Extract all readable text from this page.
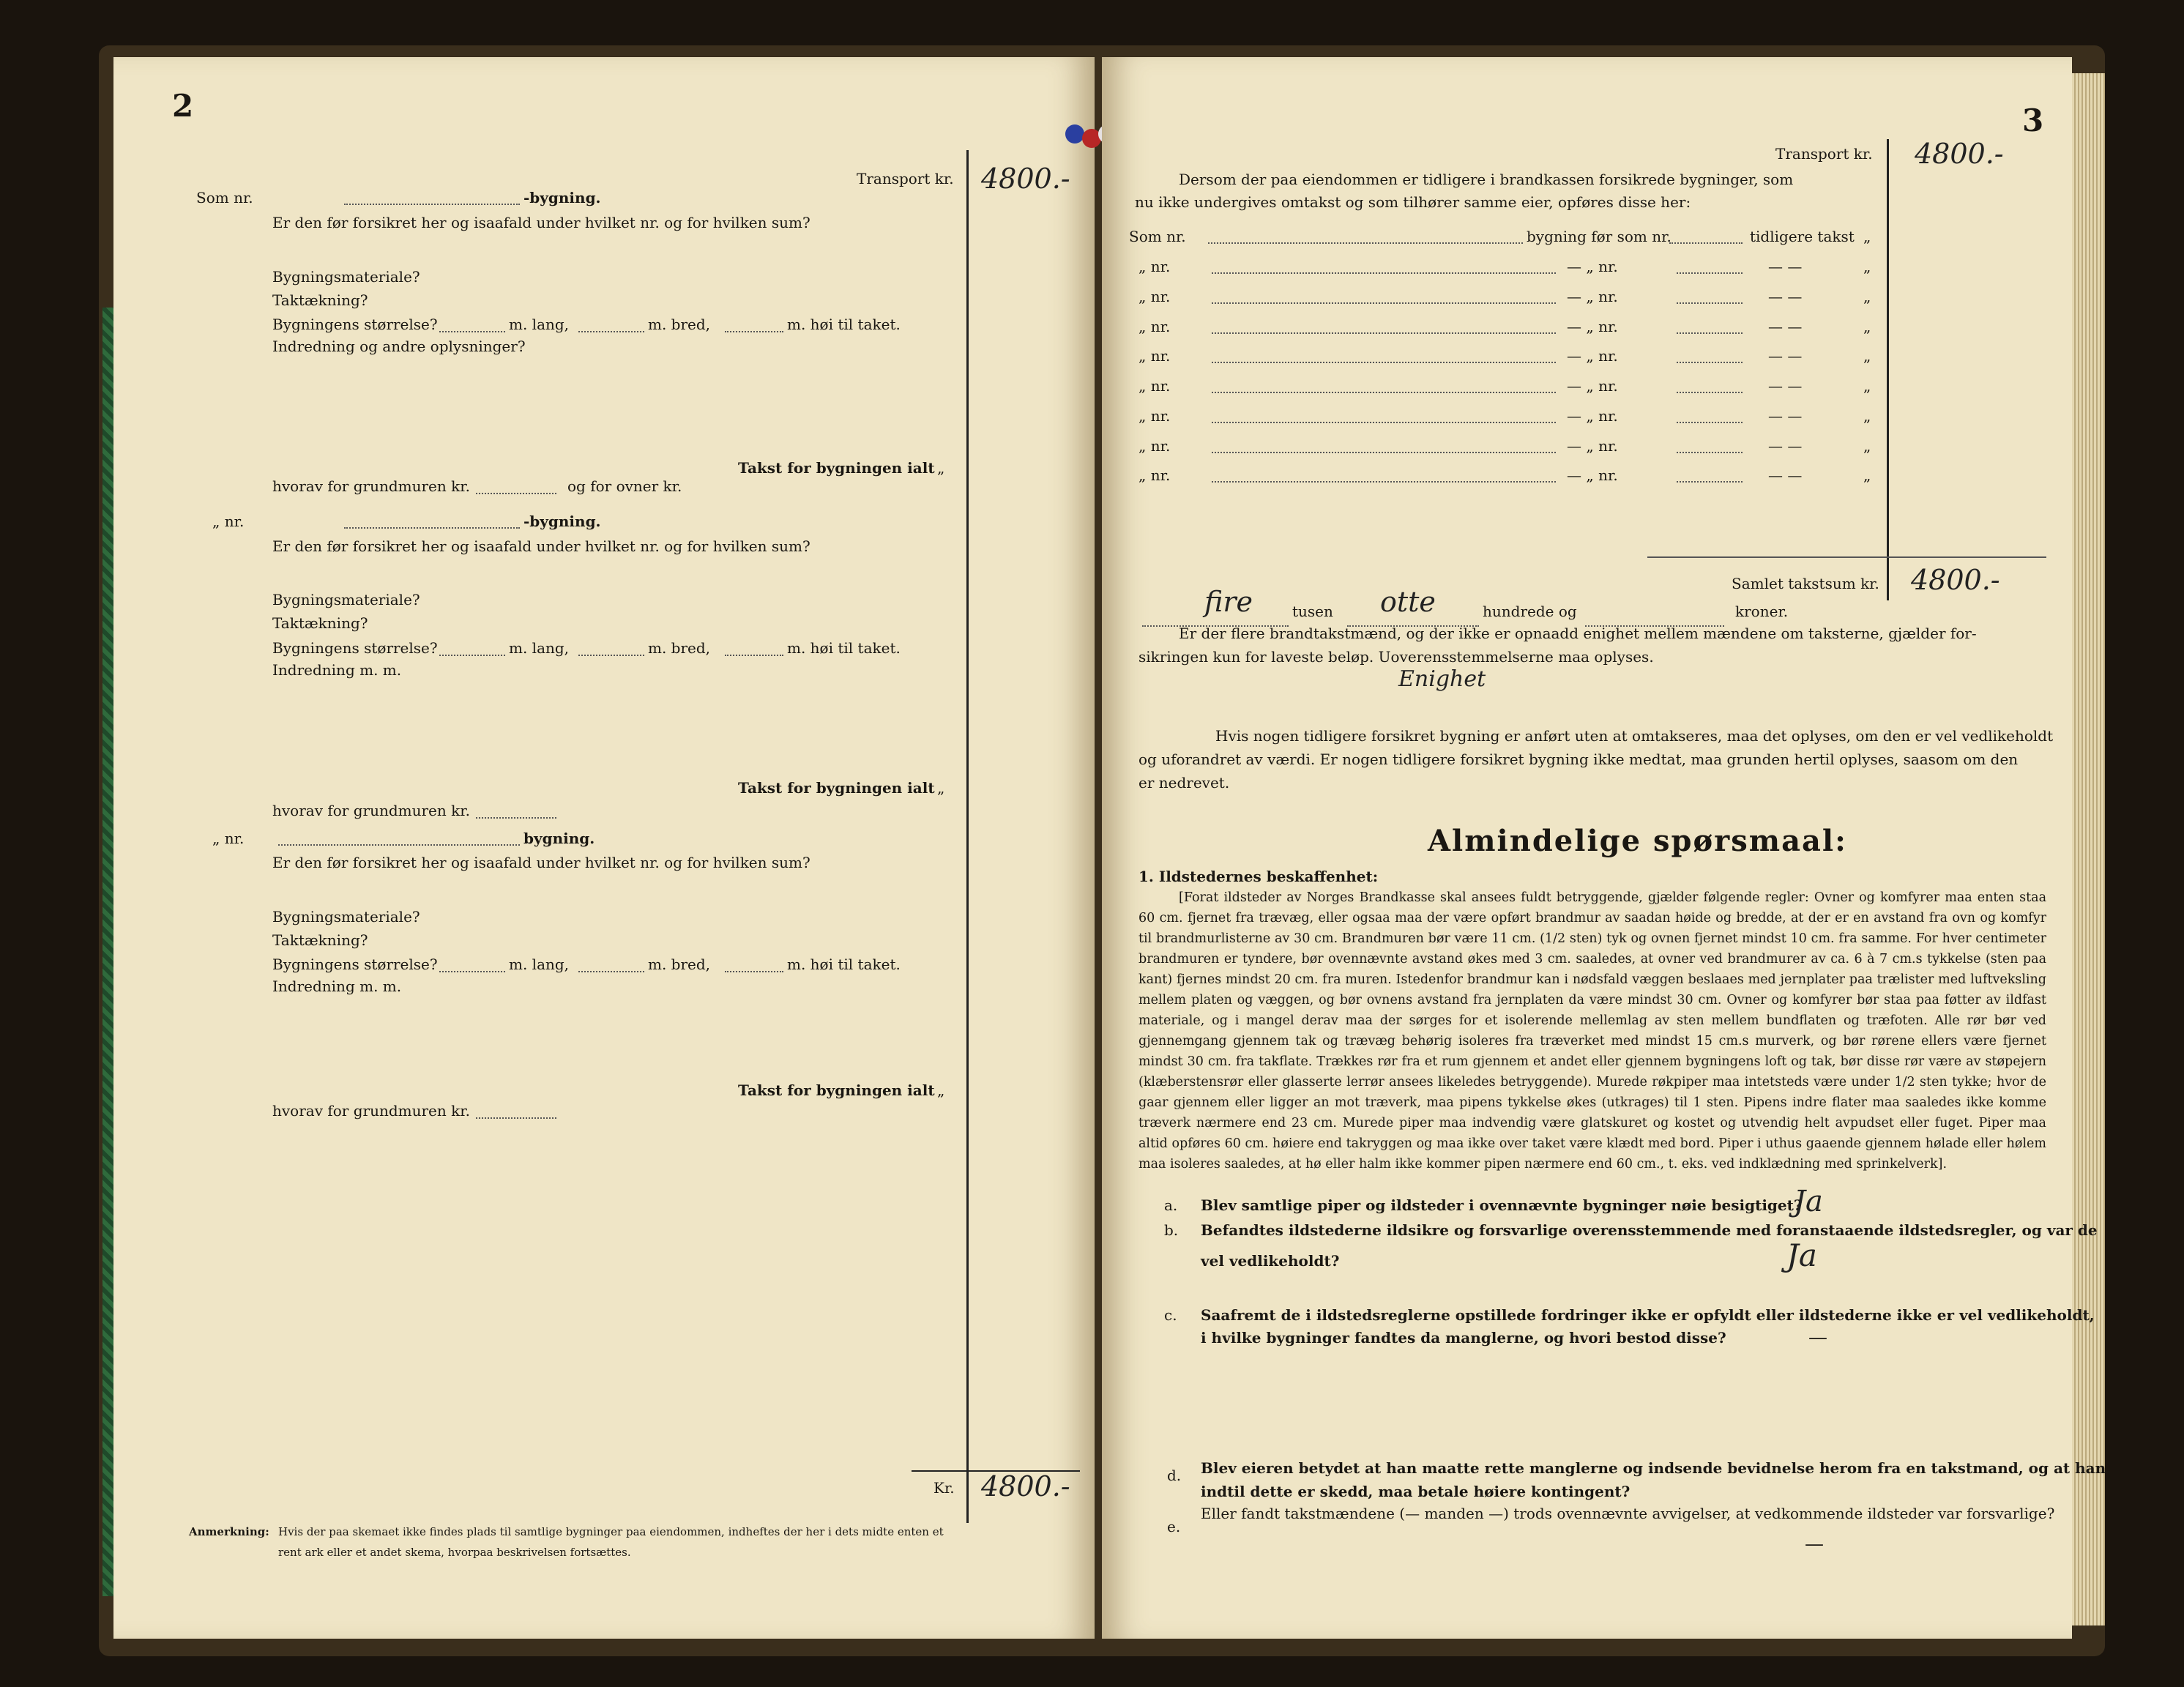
2
Transport kr. 4800.-
Som nr.	-bygning.
Er den før forsikret her og isaafald under hvilket nr. og for hvilken sum?
Bygningsmateriale?
Taktækning?
Bygningens størrelse?	m. lang,	m. bred,	m. høi til taket.
Indredning og andre oplysninger?
Takst for bygningen ialt „
hvorav for grundmuren kr.	og for ovner kr.
„ nr.	-bygning.
Er den før forsikret her og isaafald under hvilket nr. og for hvilken sum?
Bygningsmateriale?
Taktækning?
Bygningens størrelse?	m. lang,	m. bred,	m. høi til taket.
Indredning m. m.
Takst for bygningen ialt „
hvorav for grundmuren kr.
„ nr.	bygning.
Er den før forsikret her og isaafald under hvilket nr. og for hvilken sum?
Bygningsmateriale?
Taktækning?
Bygningens størrelse?	m. lang,	m. bred,	m. høi til taket.
Indredning m. m.
Takst for bygningen ialt „
hvorav for grundmuren kr.
Kr. 4800.-
Anmerkning: Hvis der paa skemaet ikke findes plads til samtlige bygninger paa eiendommen, indheftes der her i dets midte enten et
rent ark eller et andet skema, hvorpaa beskrivelsen fortsættes.
3
Transport kr. 4800.-
Dersom der paa eiendommen er tidligere i brandkassen forsikrede bygninger, som
nu ikke undergives omtakst og som tilhører samme eier, opføres disse her:
Som nr.	bygning før som nr.	tidligere takst „
„ nr.	— „ nr.	— —	„
„ nr.	— „ nr.	— —	„
„ nr.	— „ nr.	— —	„
„ nr.	— „ nr.	— —	„
„ nr.	— „ nr.	— —	„
„ nr.	— „ nr.	— —	„
„ nr.	— „ nr.	— —	„
„ nr.	— „ nr.	— —	„
Samlet takstsum kr. 4800.-
fire	tusen otte	hundrede og	kroner.
Er der flere brandtakstmænd, og der ikke er opnaadd enighet mellem mændene om taksterne, gjælder for-
sikringen kun for laveste beløp. Uoverensstemmelserne maa oplyses.
Enighet
Hvis nogen tidligere forsikret bygning er anført uten at omtakseres, maa det oplyses, om den er vel vedlikeholdt
og uforandret av værdi. Er nogen tidligere forsikret bygning ikke medtat, maa grunden hertil oplyses, saasom om den
er nedrevet.
Almindelige spørsmaal:
1. Ildstedernes beskaffenhet:
[Forat ildsteder av Norges Brandkasse skal ansees fuldt betryggende, gjælder følgende regler: Ovner og komfyrer maa enten staa 60 cm. fjernet fra trævæg, eller ogsaa maa der være opført brandmur av saadan høide og bredde, at der er en avstand fra ovn og komfyr til brandmurlisterne av 30 cm. Brandmuren bør være 11 cm. (1/2 sten) tyk og ovnen fjernet mindst 10 cm. fra samme. For hver centimeter brandmuren er tyndere, bør ovennævnte avstand økes med 3 cm. saaledes, at ovner ved brandmurer av ca. 6 à 7 cm.s tykkelse (sten paa kant) fjernes mindst 20 cm. fra muren. Istedenfor brandmur kan i nødsfald væggen beslaaes med jernplater paa trælister med luftveksling mellem platen og væggen, og bør ovnens avstand fra jernplaten da være mindst 30 cm. Ovner og komfyrer bør staa paa føtter av ildfast materiale, og i mangel derav maa der sørges for et isolerende mellemlag av sten mellem bundflaten og træfoten. Alle rør bør ved gjennemgang gjennem tak og trævæg behørig isoleres fra træverket med mindst 15 cm.s murverk, og bør rørene ellers være fjernet mindst 30 cm. fra takflate. Trækkes rør fra et rum gjennem et andet eller gjennem bygningens loft og tak, bør disse rør være av støpejern (klæberstensrør eller glasserte lerrør ansees likeledes betryggende). Murede røkpiper maa intetsteds være under 1/2 sten tykke; hvor de gaar gjennem eller ligger an mot træverk, maa pipens tykkelse økes (utkrages) til 1 sten. Pipens indre flater maa saaledes ikke komme træverk nærmere end 23 cm. Murede piper maa indvendig være glatskuret og kostet og utvendig helt avpudset eller fuget. Piper maa altid opføres 60 cm. høiere end takryggen og maa ikke over taket være klædt med bord. Piper i uthus gaaende gjennem hølade eller hølem maa isoleres saaledes, at hø eller halm ikke kommer pipen nærmere end 60 cm., t. eks. ved indklædning med sprinkelverk].
a. Blev samtlige piper og ildsteder i ovennævnte bygninger nøie besigtiget?
Ja
b. Befandtes ildstederne ildsikre og forsvarlige overensstemmende med foranstaaende ildstedsregler, og var de
vel vedlikeholdt?	Ja
c. Saafremt de i ildstedsreglerne opstillede fordringer ikke er opfyldt eller ildstederne ikke er vel vedlikeholdt,
i hvilke bygninger fandtes da manglerne, og hvori bestod disse?	—
d. Blev eieren betydet at han maatte rette manglerne og indsende bevidnelse herom fra en takstmand, og at han
indtil dette er skedd, maa betale høiere kontingent?
e.
Eller fandt takstmændene (— manden —) trods ovennævnte avvigelser, at vedkommende ildsteder var forsvarlige?
—
